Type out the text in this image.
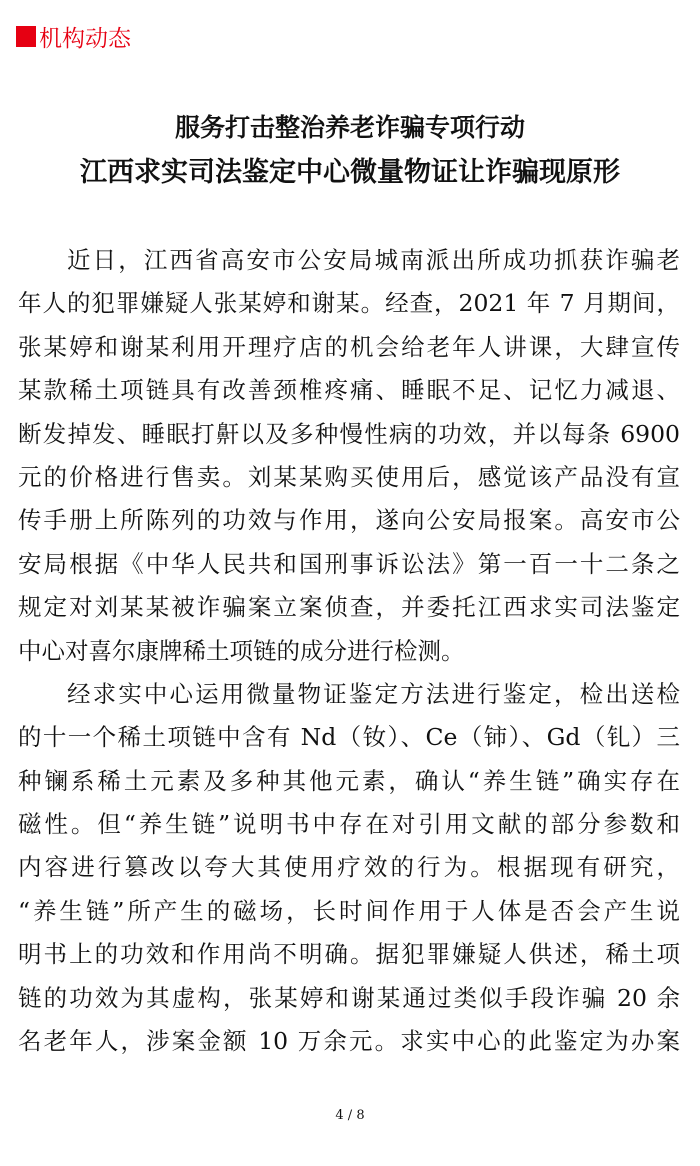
机构动态
服务打击整治养老诈骗专项行动
江西求实司法鉴定中心微量物证让诈骗现原形
近日，江西省高安市公安局城南派出所成功抓获诈骗老
年人的犯罪嫌疑人张某婷和谢某。经查，2021 年 7 月期间，
张某婷和谢某利用开理疗店的机会给老年人讲课，大肆宣传
某款稀土项链具有改善颈椎疼痛、睡眠不足、记忆力减退、
断发掉发、睡眠打鼾以及多种慢性病的功效，并以每条 6900
元的价格进行售卖。刘某某购买使用后，感觉该产品没有宣
传手册上所陈列的功效与作用，遂向公安局报案。高安市公
安局根据《中华人民共和国刑事诉讼法》第一百一十二条之
规定对刘某某被诈骗案立案侦查，并委托江西求实司法鉴定
中心对喜尔康牌稀土项链的成分进行检测。
经求实中心运用微量物证鉴定方法进行鉴定，检出送检
的十一个稀土项链中含有 Nd（钕）、Ce（铈）、Gd（钆）三
种镧系稀土元素及多种其他元素，确认“养生链”确实存在
磁性。但“养生链”说明书中存在对引用文献的部分参数和
内容进行篡改以夸大其使用疗效的行为。根据现有研究，
“养生链”所产生的磁场，长时间作用于人体是否会产生说
明书上的功效和作用尚不明确。据犯罪嫌疑人供述，稀土项
链的功效为其虚构，张某婷和谢某通过类似手段诈骗 20 余
名老年人，涉案金额 10 万余元。求实中心的此鉴定为办案
4 / 8
